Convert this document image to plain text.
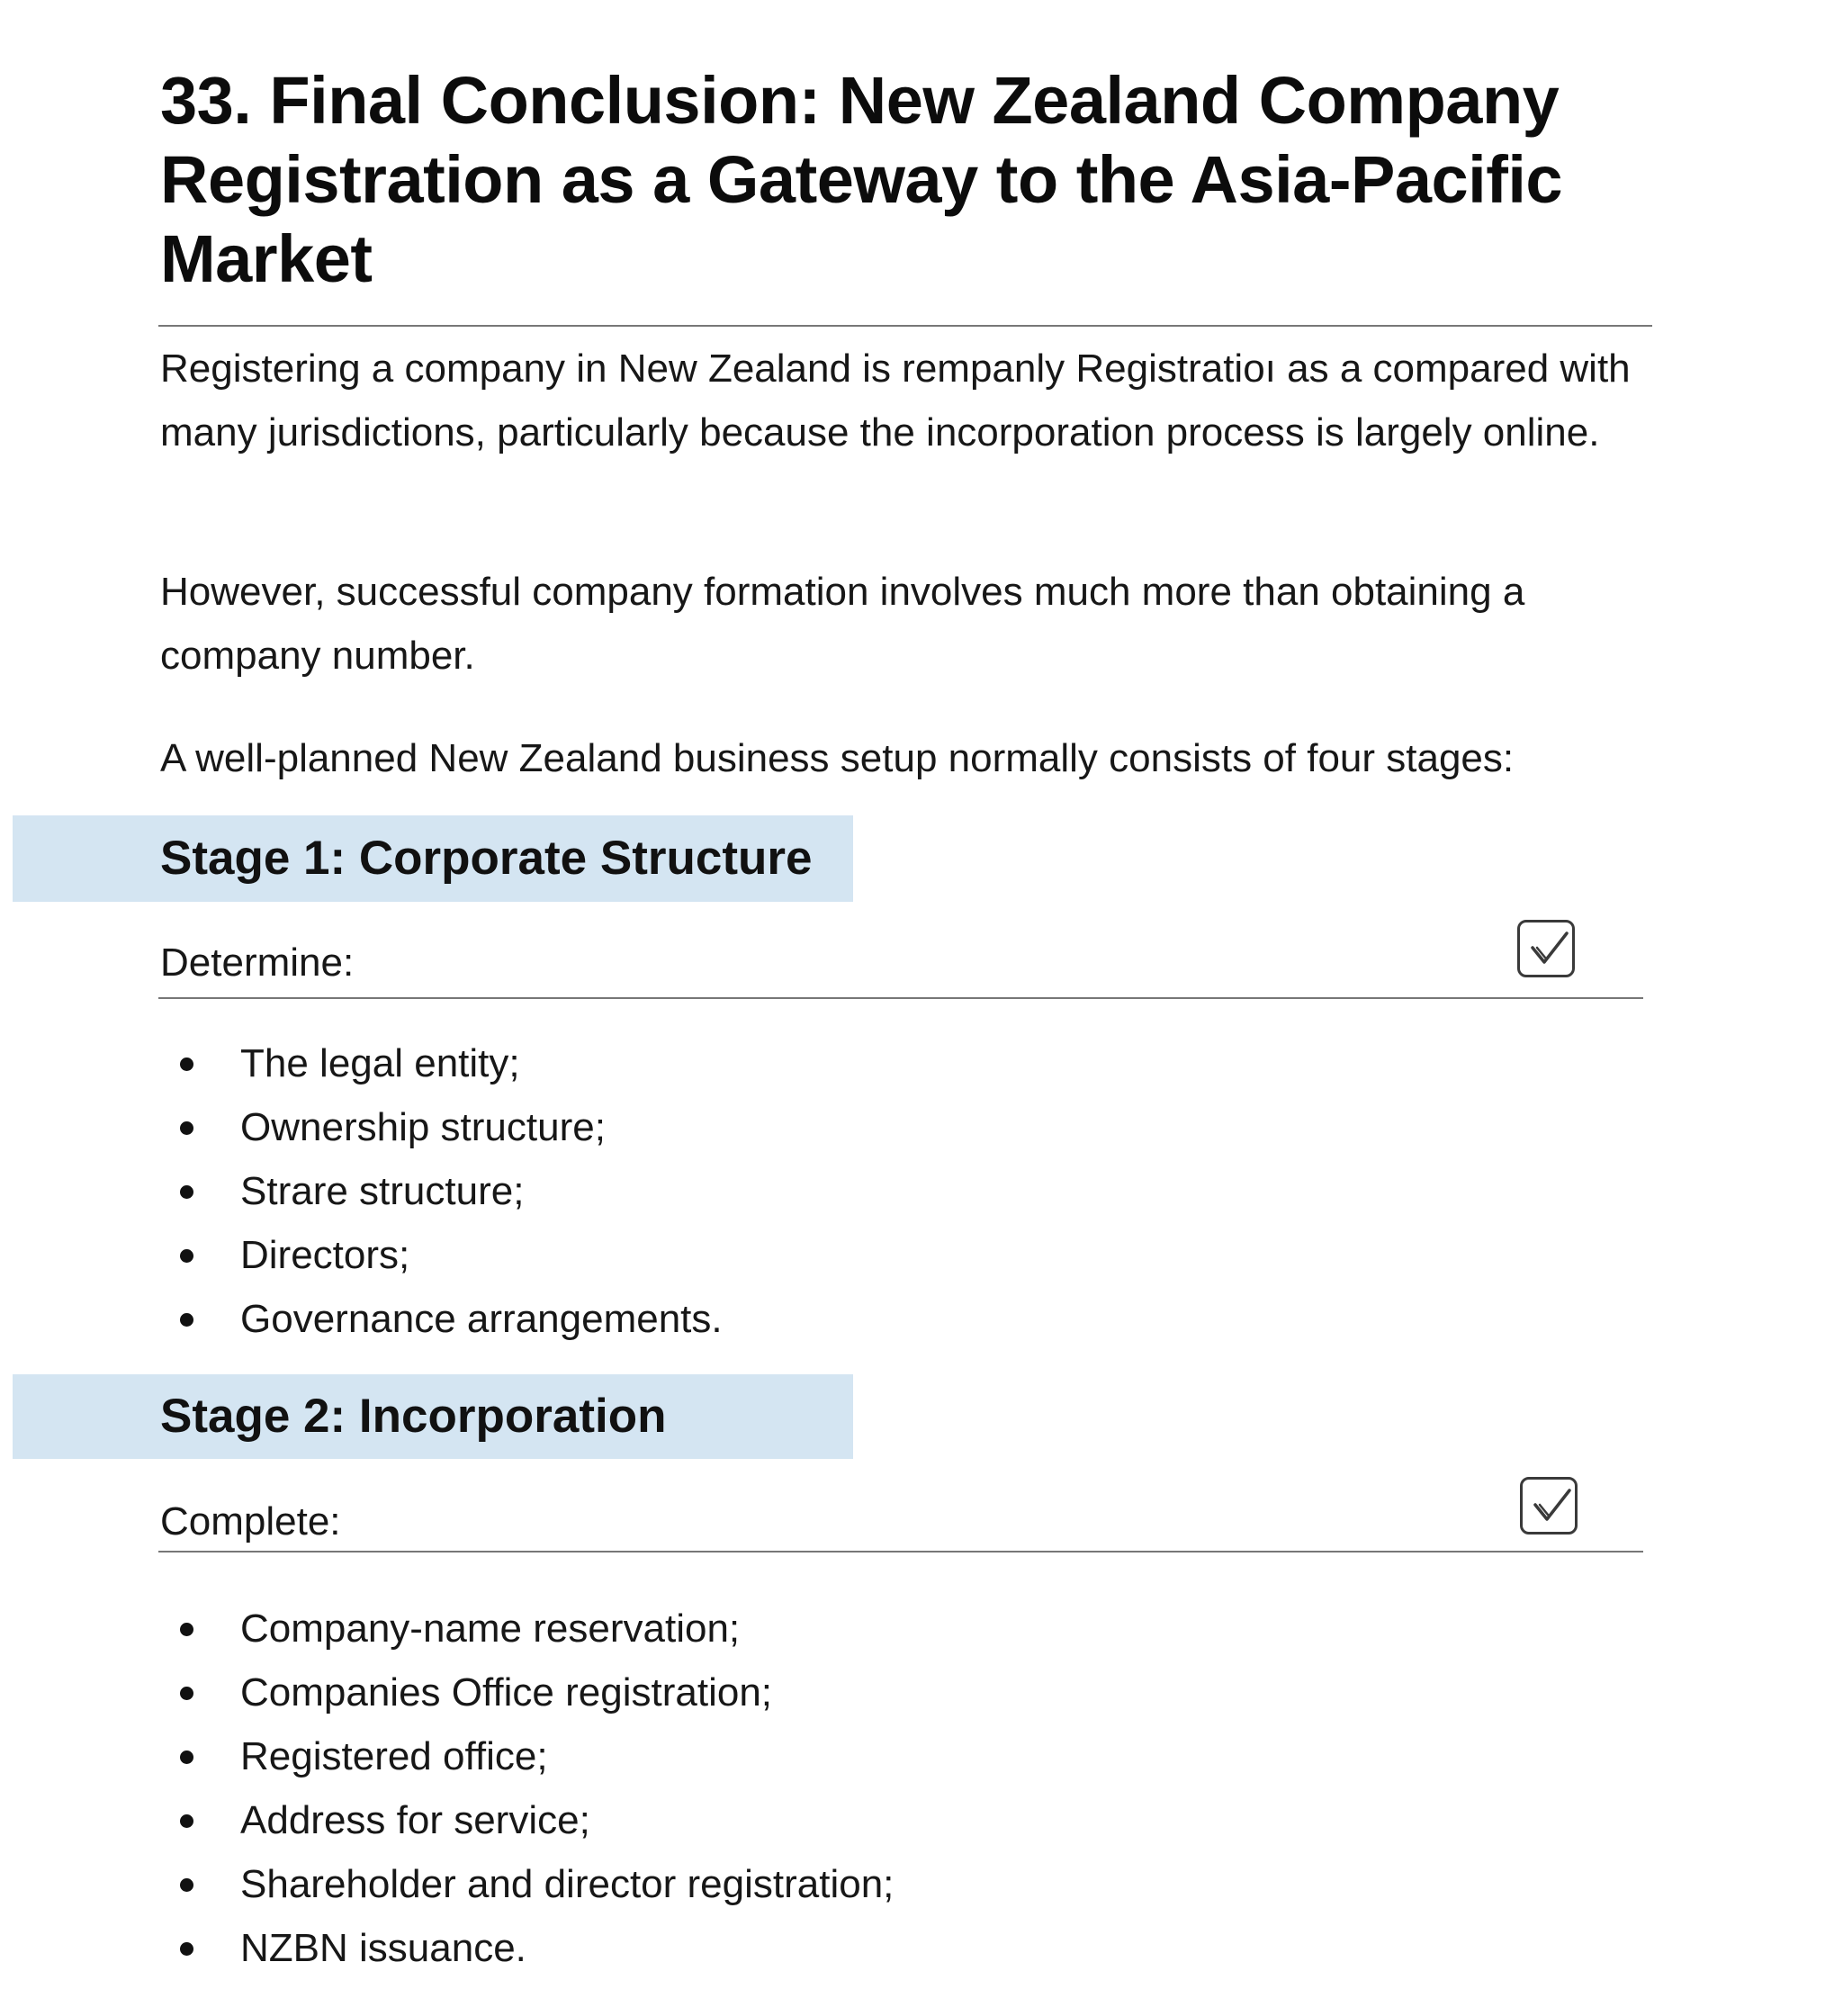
33. Final Conclusion: New Zealand Company Registration as a Gateway to the Asia-Pacific Market

Registering a company in New Zealand is rempanly Registratioı as a compared with many jurisdictions, particularly because the incorporation process is largely online.

However, successful company formation involves much more than obtaining a company number.

A well-planned New Zealand business setup normally consists of four stages:

Stage 1: Corporate Structure

Determine:

The legal entity;
Ownership structure;
Strare structure;
Directors;
Governance arrangements.
Stage 2: Incorporation

Complete:

Company-name reservation;
Companies Office registration;
Registered office;
Address for service;
Shareholder and director registration;
NZBN issuance.
